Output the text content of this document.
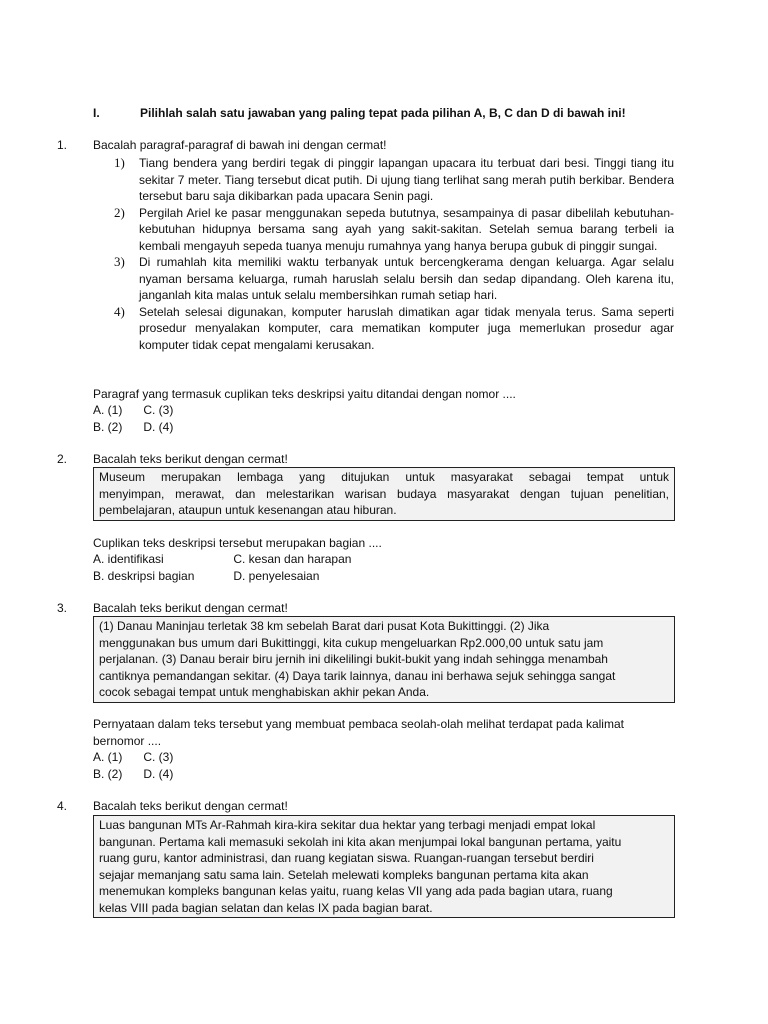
I.	Pilihlah salah satu jawaban yang paling tepat pada pilihan A, B, C dan D di bawah ini!
1.	Bacalah paragraf-paragraf di bawah ini dengan cermat!
1) Tiang bendera yang berdiri tegak di pinggir lapangan upacara itu terbuat dari besi. Tinggi tiang itu sekitar 7 meter. Tiang tersebut dicat putih. Di ujung tiang terlihat sang merah putih berkibar. Bendera tersebut baru saja dikibarkan pada upacara Senin pagi.
2) Pergilah Ariel ke pasar menggunakan sepeda bututnya, sesampainya di pasar dibelilah kebutuhan-kebutuhan hidupnya bersama sang ayah yang sakit-sakitan. Setelah semua barang terbeli ia kembali mengayuh sepeda tuanya menuju rumahnya yang hanya berupa gubuk di pinggir sungai.
3) Di rumahlah kita memiliki waktu terbanyak untuk bercengkerama dengan keluarga. Agar selalu nyaman bersama keluarga, rumah haruslah selalu bersih dan sedap dipandang. Oleh karena itu, janganlah kita malas untuk selalu membersihkan rumah setiap hari.
4) Setelah selesai digunakan, komputer haruslah dimatikan agar tidak menyala terus. Sama seperti prosedur menyalakan komputer, cara mematikan komputer juga memerlukan prosedur agar komputer tidak cepat mengalami kerusakan.
Paragraf yang termasuk cuplikan teks deskripsi yaitu ditandai dengan nomor ....
A. (1) C. (3)
B. (2) D. (4)
2.	Bacalah teks berikut dengan cermat!
Museum merupakan lembaga yang ditujukan untuk masyarakat sebagai tempat untuk
menyimpan, merawat, dan melestarikan warisan budaya masyarakat dengan tujuan penelitian,
pembelajaran, ataupun untuk kesenangan atau hiburan.
Cuplikan teks deskripsi tersebut merupakan bagian ....
A. identifikasi	C. kesan dan harapan
B. deskripsi bagian	D. penyelesaian
3.	Bacalah teks berikut dengan cermat!
(1) Danau Maninjau terletak 38 km sebelah Barat dari pusat Kota Bukittinggi. (2) Jika
menggunakan bus umum dari Bukittinggi, kita cukup mengeluarkan Rp2.000,00 untuk satu jam
perjalanan. (3) Danau berair biru jernih ini dikelilingi bukit-bukit yang indah sehingga menambah
cantiknya pemandangan sekitar. (4) Daya tarik lainnya, danau ini berhawa sejuk sehingga sangat
cocok sebagai tempat untuk menghabiskan akhir pekan Anda.
Pernyataan dalam teks tersebut yang membuat pembaca seolah-olah melihat terdapat pada kalimat
bernomor ....
A. (1) C. (3)
B. (2) D. (4)
4.	Bacalah teks berikut dengan cermat!
Luas bangunan MTs Ar-Rahmah kira-kira sekitar dua hektar yang terbagi menjadi empat lokal
bangunan. Pertama kali memasuki sekolah ini kita akan menjumpai lokal bangunan pertama, yaitu
ruang guru, kantor administrasi, dan ruang kegiatan siswa. Ruangan-ruangan tersebut berdiri
sejajar memanjang satu sama lain. Setelah melewati kompleks bangunan pertama kita akan
menemukan kompleks bangunan kelas yaitu, ruang kelas VII yang ada pada bagian utara, ruang
kelas VIII pada bagian selatan dan kelas IX pada bagian barat.
